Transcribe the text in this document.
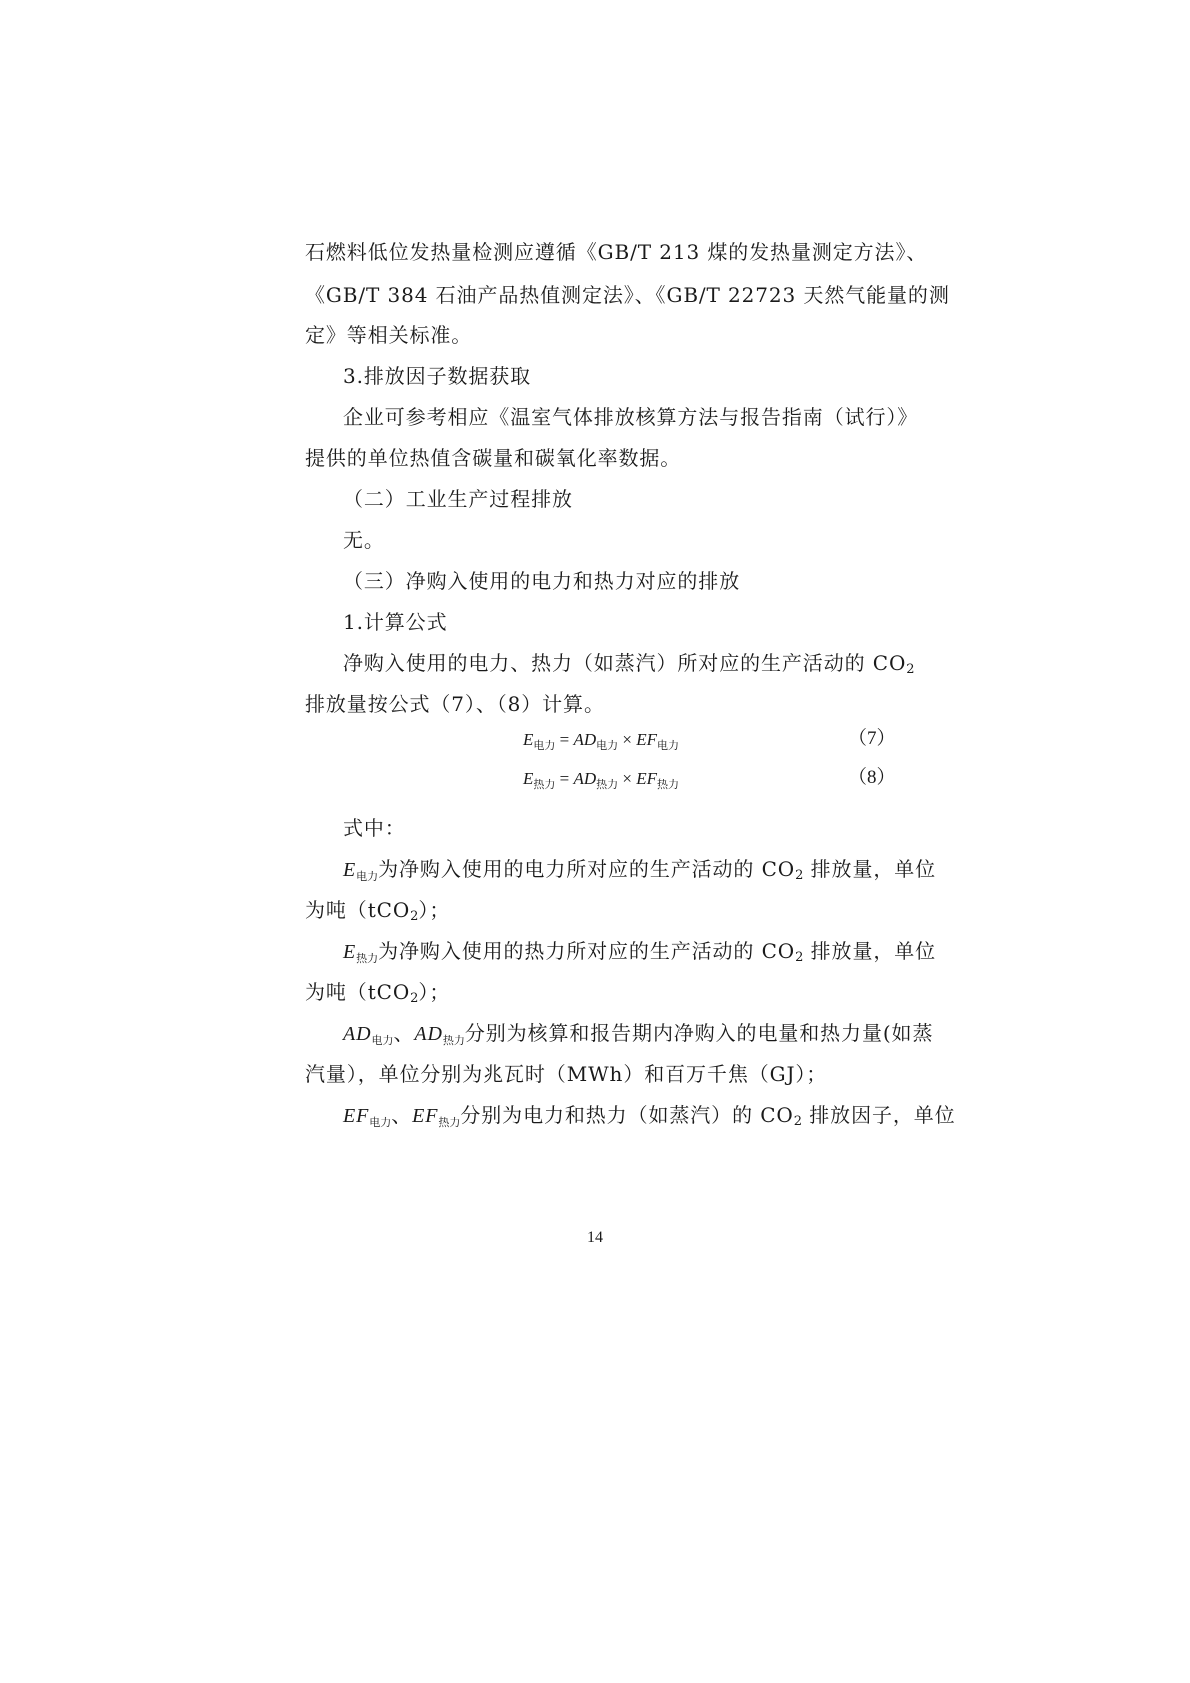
石燃料低位发热量检测应遵循《GB/T 213 煤的发热量测定方法》、

《GB/T 384 石油产品热值测定法》、《GB/T 22723 天然气能量的测

定》等相关标准。

3.排放因子数据获取

企业可参考相应《温室气体排放核算方法与报告指南（试行）》

提供的单位热值含碳量和碳氧化率数据。

（二）工业生产过程排放

无。

（三）净购入使用的电力和热力对应的排放

1.计算公式

净购入使用的电力、热力（如蒸汽）所对应的生产活动的 CO2

排放量按公式（7）、（8）计算。

$E_{电力} = AD_{电力} \times EF_{电力}$	（7）
$E_{热力} = AD_{热力} \times EF_{热力}$	（8）

式中：

$E_{电力}$为净购入使用的电力所对应的生产活动的 CO2 排放量，单位

为吨（tCO2）；

$E_{热力}$为净购入使用的热力所对应的生产活动的 CO2 排放量，单位

为吨（tCO2）；

$AD_{电力}$、$AD_{热力}$分别为核算和报告期内净购入的电量和热力量(如蒸

汽量），单位分别为兆瓦时（MWh）和百万千焦（GJ）；

$EF_{电力}$、$EF_{热力}$分别为电力和热力（如蒸汽）的 CO2 排放因子，单位

14
